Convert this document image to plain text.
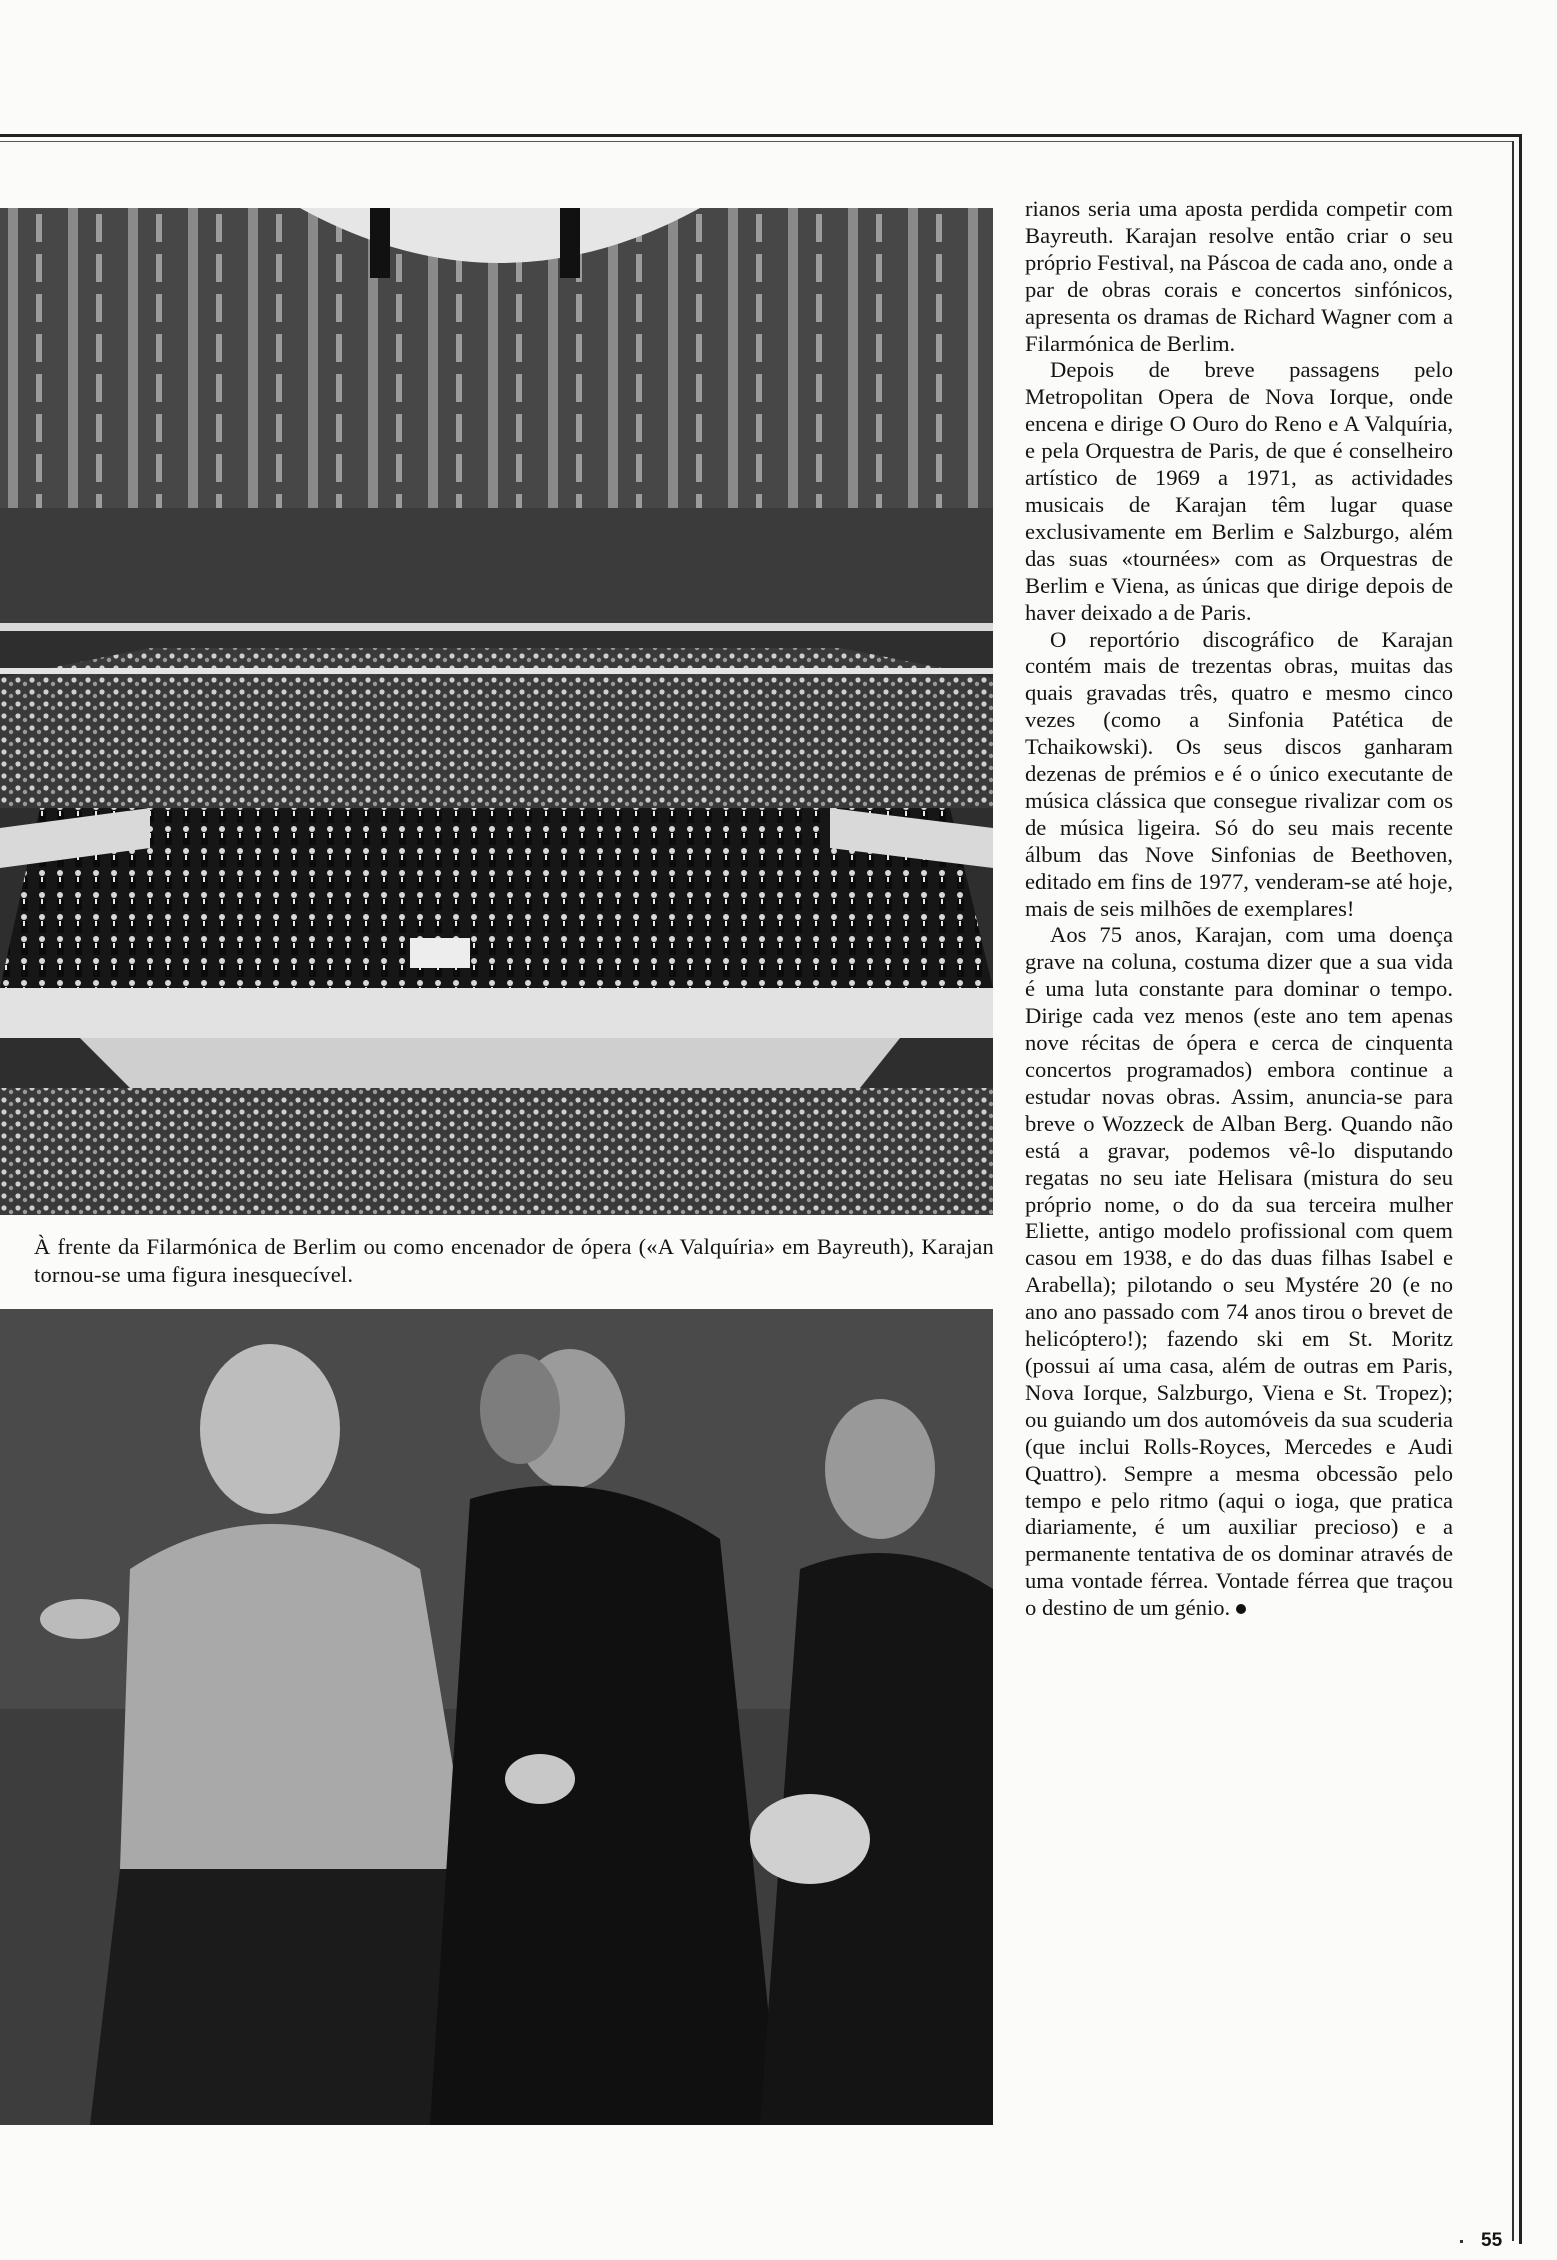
À frente da Filarmónica de Berlim ou como encenador de ópera («A Valquíria» em Bayreuth), Karajan tornou-se uma figura inesquecível.

rianos seria uma aposta perdida competir com Bayreuth. Karajan resolve então criar o seu próprio Festival, na Páscoa de cada ano, onde a par de obras corais e concertos sinfónicos, apresenta os dramas de Richard Wagner com a Filarmónica de Berlim.

Depois de breve passagens pelo Metropolitan Opera de Nova Iorque, onde encena e dirige O Ouro do Reno e A Valquíria, e pela Orquestra de Paris, de que é conselheiro artístico de 1969 a 1971, as actividades musicais de Karajan têm lugar quase exclusivamente em Berlim e Salzburgo, além das suas «tournées» com as Orquestras de Berlim e Viena, as únicas que dirige depois de haver deixado a de Paris.

O reportório discográfico de Karajan contém mais de trezentas obras, muitas das quais gravadas três, quatro e mesmo cinco vezes (como a Sinfonia Patética de Tchaikowski). Os seus discos ganharam dezenas de prémios e é o único executante de música clássica que consegue rivalizar com os de música ligeira. Só do seu mais recente álbum das Nove Sinfonias de Beethoven, editado em fins de 1977, venderam-se até hoje, mais de seis milhões de exemplares!

Aos 75 anos, Karajan, com uma doença grave na coluna, costuma dizer que a sua vida é uma luta constante para dominar o tempo. Dirige cada vez menos (este ano tem apenas nove récitas de ópera e cerca de cinquenta concertos programados) embora continue a estudar novas obras. Assim, anuncia-se para breve o Wozzeck de Alban Berg. Quando não está a gravar, podemos vê-lo disputando regatas no seu iate Helisara (mistura do seu próprio nome, o do da sua terceira mulher Eliette, antigo modelo profissional com quem casou em 1938, e do das duas filhas Isabel e Arabella); pilotando o seu Mystére 20 (e no ano ano passado com 74 anos tirou o brevet de helicóptero!); fazendo ski em St. Moritz (possui aí uma casa, além de outras em Paris, Nova Iorque, Salzburgo, Viena e St. Tropez); ou guiando um dos automóveis da sua scuderia (que inclui Rolls-Royces, Mercedes e Audi Quattro). Sempre a mesma obcessão pelo tempo e pelo ritmo (aqui o ioga, que pratica diariamente, é um auxiliar precioso) e a permanente tentativa de os dominar através de uma vontade férrea. Vontade férrea que traçou o destino de um génio.

55
